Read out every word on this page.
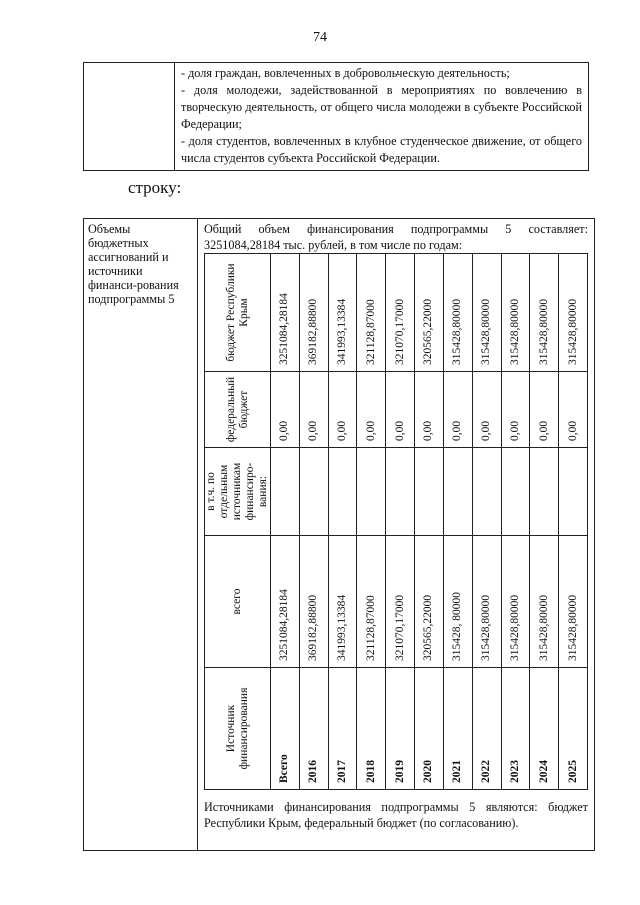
74

- доля граждан, вовлеченных в добровольческую деятельность;

- доля молодежи, задействованной в мероприятиях по вовлечению в творческую деятельность, от общего числа молодежи в субъекте Российской Федерации;

- доля студентов, вовлеченных в клубное студенческое движение, от общего числа студентов субъекта Российской Федерации.

строку:
Объемы бюджетных ассигнований и источники финанси-рования подпрограммы 5	
Общий объем финансирования подпрограммы 5 составляет: 3251084,28184 тыс. рублей, в том числе по годам:
Источник финансирования	всего	в т.ч. по отдельным источникам финансиро-вания:	федеральный бюджет	бюджет Республики Крым
Всего	3251084,28184		0,00	3251084,28184
2016	369182,88800		0,00	369182,88800
2017	341993,13384		0,00	341993,13384
2018	321128,87000		0,00	321128,87000
2019	321070,17000		0,00	321070,17000
2020	320565,22000		0,00	320565,22000
2021	315428, 80000		0,00	315428,80000
2022	315428,80000		0,00	315428,80000
2023	315428,80000		0,00	315428,80000
2024	315428,80000		0,00	315428,80000
2025	315428,80000		0,00	315428,80000
Источниками финансирования подпрограммы 5 являются: бюджет Республики Крым, федеральный бюджет (по согласованию).
